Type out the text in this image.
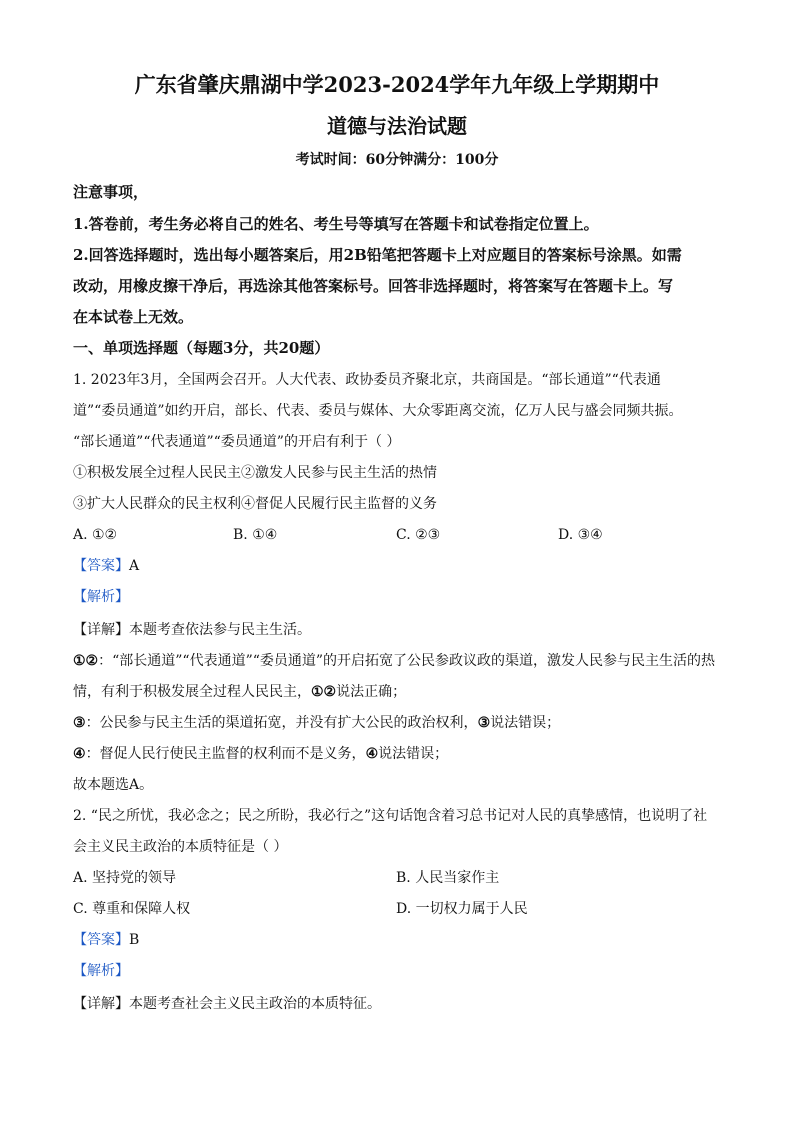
广东省肇庆鼎湖中学2023-2024学年九年级上学期期中
道德与法治试题
考试时间：60分钟满分：100分
注意事项，
1.答卷前，考生务必将自己的姓名、考生号等填写在答题卡和试卷指定位置上。
2.回答选择题时，选出每小题答案后，用2B铅笔把答题卡上对应题目的答案标号涂黑。如需
改动，用橡皮擦干净后，再选涂其他答案标号。回答非选择题时，将答案写在答题卡上。写
在本试卷上无效。
一、单项选择题（每题3分，共20题）
1. 2023年3月，全国两会召开。人大代表、政协委员齐聚北京，共商国是。“部长通道”“代表通
道”“委员通道”如约开启，部长、代表、委员与媒体、大众零距离交流，亿万人民与盛会同频共振。
“部长通道”“代表通道”“委员通道”的开启有利于（ ）
①积极发展全过程人民民主②激发人民参与民主生活的热情
③扩大人民群众的民主权利④督促人民履行民主监督的义务
A. ①②	B. ①④	C. ②③	D. ③④
【答案】A
【解析】
【详解】本题考查依法参与民主生活。
①②：“部长通道”“代表通道”“委员通道”的开启拓宽了公民参政议政的渠道，激发人民参与民主生活的热
情，有利于积极发展全过程人民民主，①②说法正确；
③：公民参与民主生活的渠道拓宽，并没有扩大公民的政治权利，③说法错误；
④：督促人民行使民主监督的权利而不是义务，④说法错误；
故本题选A。
2. “民之所忧，我必念之；民之所盼，我必行之”这句话饱含着习总书记对人民的真挚感情，也说明了社
会主义民主政治的本质特征是（ ）
A. 坚持党的领导	B. 人民当家作主
C. 尊重和保障人权	D. 一切权力属于人民
【答案】B
【解析】
【详解】本题考查社会主义民主政治的本质特征。
